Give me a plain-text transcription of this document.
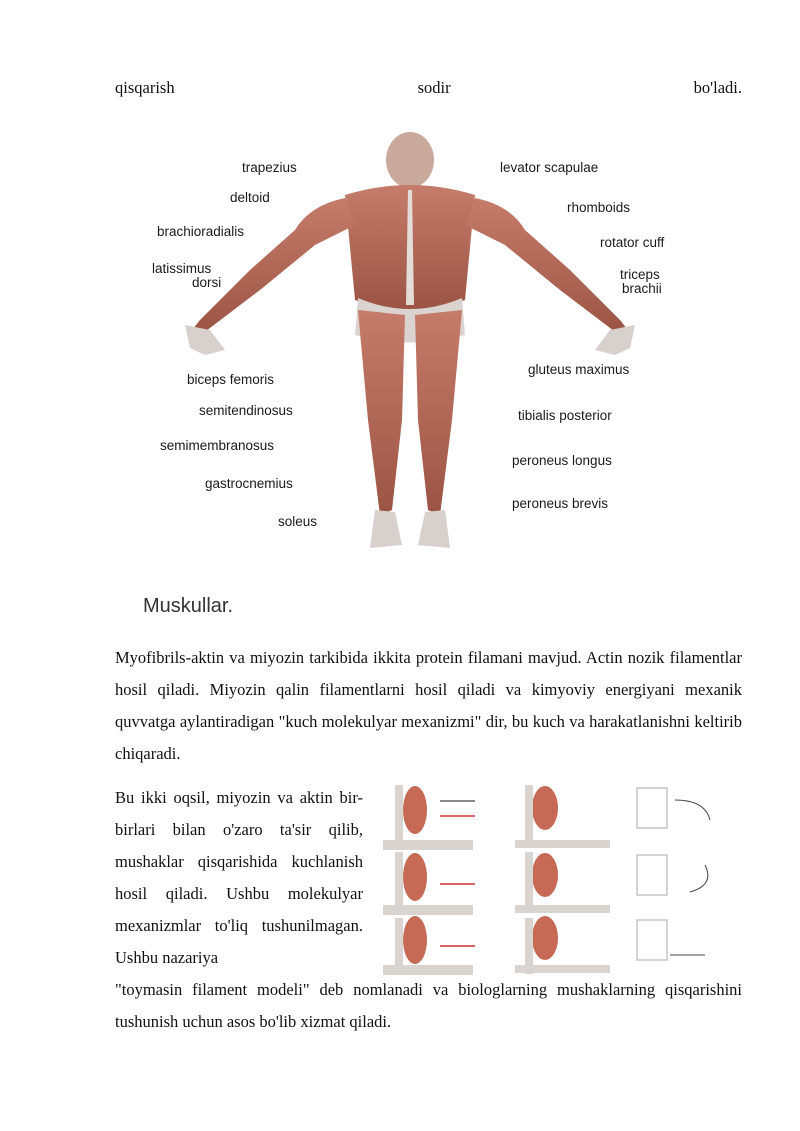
qisqarish	sodir	bo'ladi.
trapezius
deltoid
brachioradialis
latissimus
dorsi
biceps femoris
semitendinosus
semimembranosus
gastrocnemius
soleus
levator scapulae
rhomboids
rotator cuff
triceps
brachii
gluteus maximus
tibialis posterior
peroneus longus
peroneus brevis
Muskullar.
Myofibrils-aktin va miyozin tarkibida ikkita protein filamani mavjud. Actin nozik filamentlar hosil qiladi. Miyozin qalin filamentlarni hosil qiladi va kimyoviy energiyani mexanik quvvatga aylantiradigan "kuch molekulyar mexanizmi" dir, bu kuch va harakatlanishni keltirib chiqaradi.
Bu ikki oqsil, miyozin va aktin bir-birlari bilan o'zaro ta'sir qilib, mushaklar qisqarishida kuchlanish hosil qiladi. Ushbu molekulyar mexanizmlar to'liq tushunilmagan. Ushbu nazariya
"toymasin filament modeli" deb nomlanadi va biologlarning mushaklarning qisqarishini tushunish uchun asos bo'lib xizmat qiladi.
